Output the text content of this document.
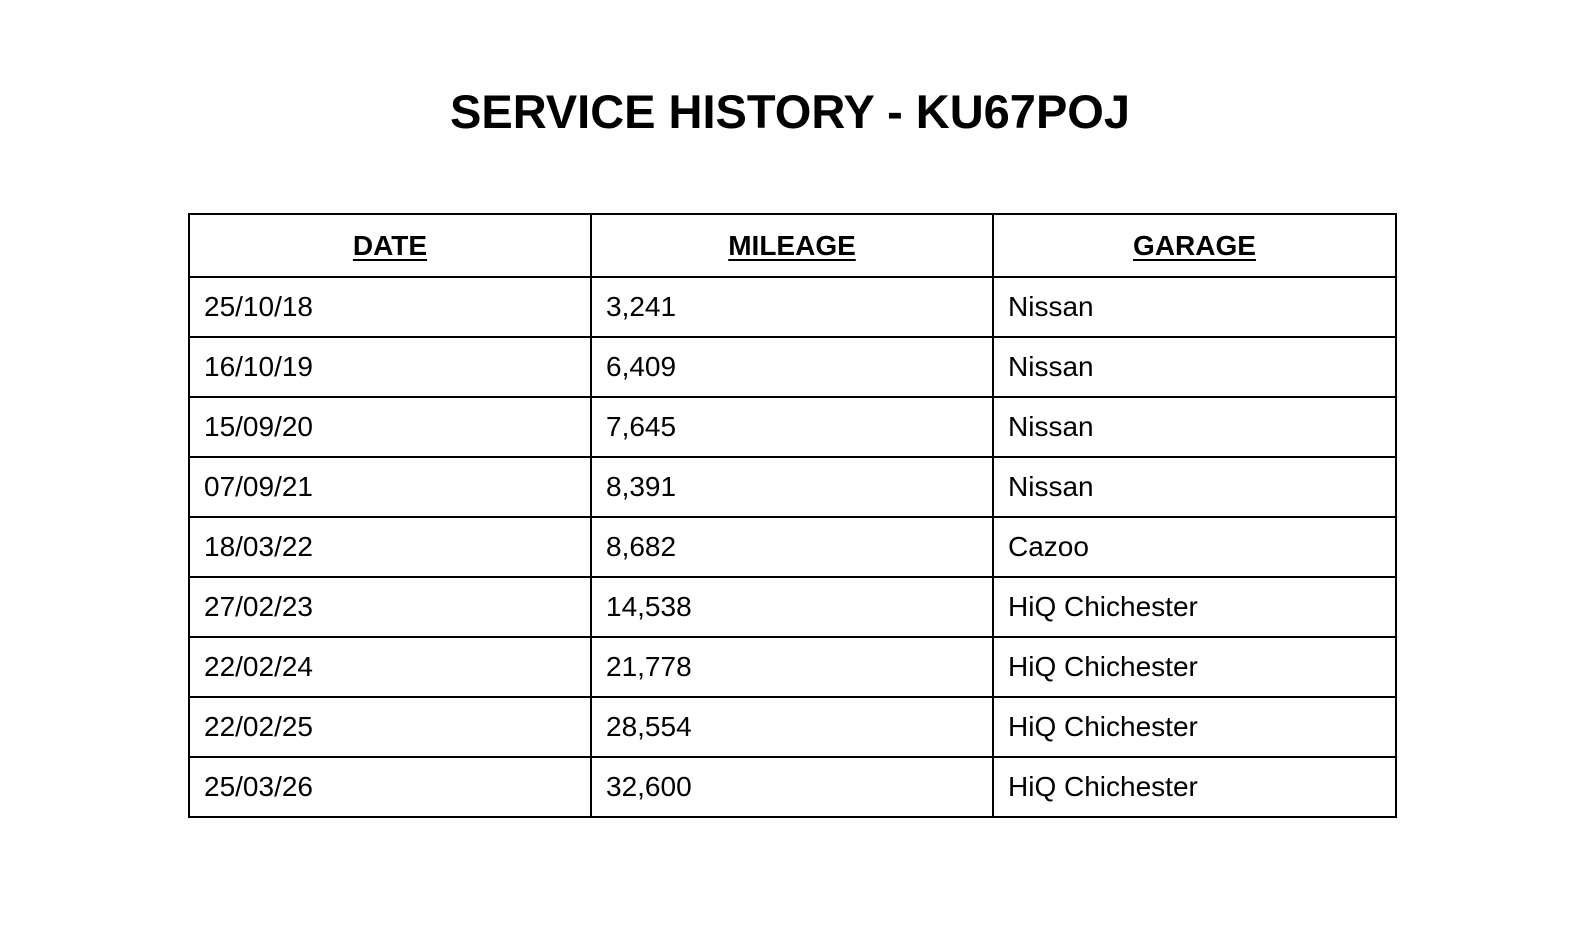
SERVICE HISTORY - KU67POJ
DATE	MILEAGE	GARAGE
25/10/18	3,241	Nissan
16/10/19	6,409	Nissan
15/09/20	7,645	Nissan
07/09/21	8,391	Nissan
18/03/22	8,682	Cazoo
27/02/23	14,538	HiQ Chichester
22/02/24	21,778	HiQ Chichester
22/02/25	28,554	HiQ Chichester
25/03/26	32,600	HiQ Chichester
